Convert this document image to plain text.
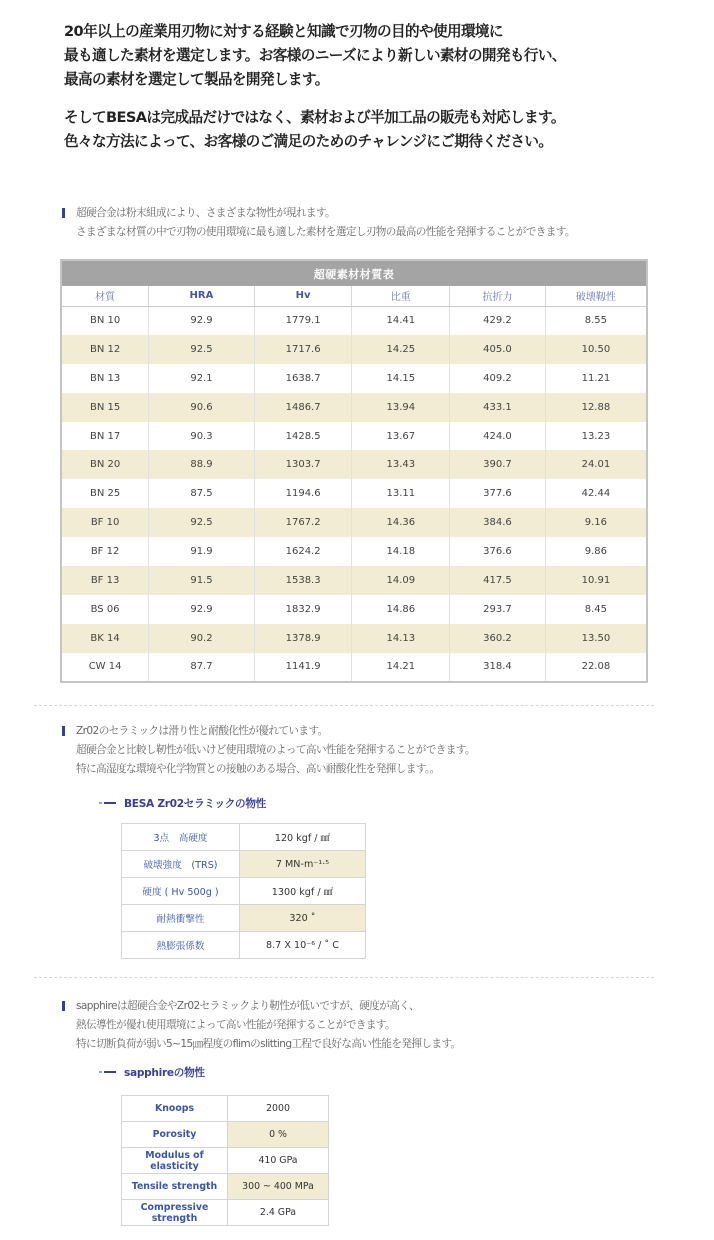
20年以上の産業用刃物に対する経験と知識で刃物の目的や使用環境に

最も適した素材を選定します。お客様のニーズにより新しい素材の開発も行い、

最高の素材を選定して製品を開発します。

そしてBESAは完成品だけではなく、素材および半加工品の販売も対応します。

色々な方法によって、お客様のご満足のためのチャレンジにご期待ください。

超硬合金は粉末組成により、さまざまな物性が現れます。
さまざまな材質の中で刃物の使用環境に最も適した素材を選定し刃物の最高の性能を発揮することができます。
超硬素材材質表					
材質	HRA	Hv	比重	抗折力	破壊靱性
BN 10	92.9	1779.1	14.41	429.2	8.55
BN 12	92.5	1717.6	14.25	405.0	10.50
BN 13	92.1	1638.7	14.15	409.2	11.21
BN 15	90.6	1486.7	13.94	433.1	12.88
BN 17	90.3	1428.5	13.67	424.0	13.23
BN 20	88.9	1303.7	13.43	390.7	24.01
BN 25	87.5	1194.6	13.11	377.6	42.44
BF 10	92.5	1767.2	14.36	384.6	9.16
BF 12	91.9	1624.2	14.18	376.6	9.86
BF 13	91.5	1538.3	14.09	417.5	10.91
BS 06	92.9	1832.9	14.86	293.7	8.45
BK 14	90.2	1378.9	14.13	360.2	13.50
CW 14	87.7	1141.9	14.21	318.4	22.08
Zr02のセラミックは滑り性と耐酸化性が優れています。
超硬合金と比較し靭性が低いけど使用環境のよって高い性能を発揮することができます。
特に高湿度な環境や化学物質との接触のある場合、高い耐酸化性を発揮します。。
BESA Zr02セラミックの物性
3点　高硬度	120 kgf / ㎟
破壊強度　(TRS)	7 MN-m⁻¹·⁵
硬度 ( Hv 500g )	1300 kgf / ㎟
耐熱衝撃性	320 ˚
熱膨張係数	8.7 X 10⁻⁶ / ˚ C
sapphireは超硬合金やZr02セラミックより靭性が低いですが、硬度が高く、
熱伝導性が優れ使用環境によって高い性能が発揮することができます。
特に切断負荷が弱い5~15㎛程度のflimのslitting工程で良好な高い性能を発揮します。
sapphireの物性
Knoops	2000
Porosity	0 %
Modulus of elasticity	410 GPa
Tensile strength	300 ~ 400 MPa
Compressive strength	2.4 GPa
